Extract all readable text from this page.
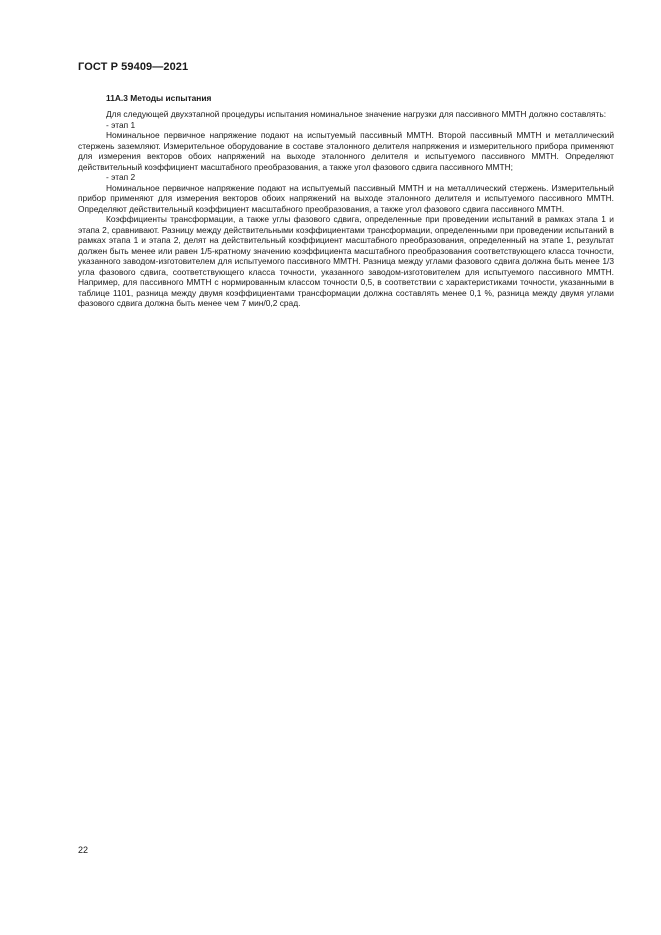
ГОСТ Р 59409—2021
11A.3 Методы испытания

Для следующей двухэтапной процедуры испытания номинальное значение нагрузки для пассивного ММТН должно составлять:

- этап 1

Номинальное первичное напряжение подают на испытуемый пассивный ММТН. Второй пассивный ММТН и металлический стержень заземляют. Измерительное оборудование в составе эталонного делителя напряжения и измерительного прибора применяют для измерения векторов обоих напряжений на выходе эталонного делителя и испытуемого пассивного ММТН. Определяют действительный коэффициент масштабного преобразования, а также угол фазового сдвига пассивного ММТН;

- этап 2

Номинальное первичное напряжение подают на испытуемый пассивный ММТН и на металлический стержень. Измерительный прибор применяют для измерения векторов обоих напряжений на выходе эталонного делителя и испытуемого пассивного ММТН. Определяют действительный коэффициент масштабного преобразования, а также угол фазового сдвига пассивного ММТН.

Коэффициенты трансформации, а также углы фазового сдвига, определенные при проведении испытаний в рамках этапа 1 и этапа 2, сравнивают. Разницу между действительными коэффициентами трансформации, определенными при проведении испытаний в рамках этапа 1 и этапа 2, делят на действительный коэффициент масштабного преобразования, определенный на этапе 1, результат должен быть менее или равен 1/5-кратному значению коэффициента масштабного преобразования соответствующего класса точности, указанного заводом-изготовителем для испытуемого пассивного ММТН. Разница между углами фазового сдвига должна быть менее 1/3 угла фазового сдвига, соответствующего класса точности, указанного заводом-изготовителем для испытуемого пассивного ММТН. Например, для пассивного ММТН с нормированным классом точности 0,5, в соответствии с характеристиками точности, указанными в таблице 1101, разница между двумя коэффициентами трансформации должна составлять менее 0,1 %, разница между двумя углами фазового сдвига должна быть менее чем 7 мин/0,2 срад.

22
